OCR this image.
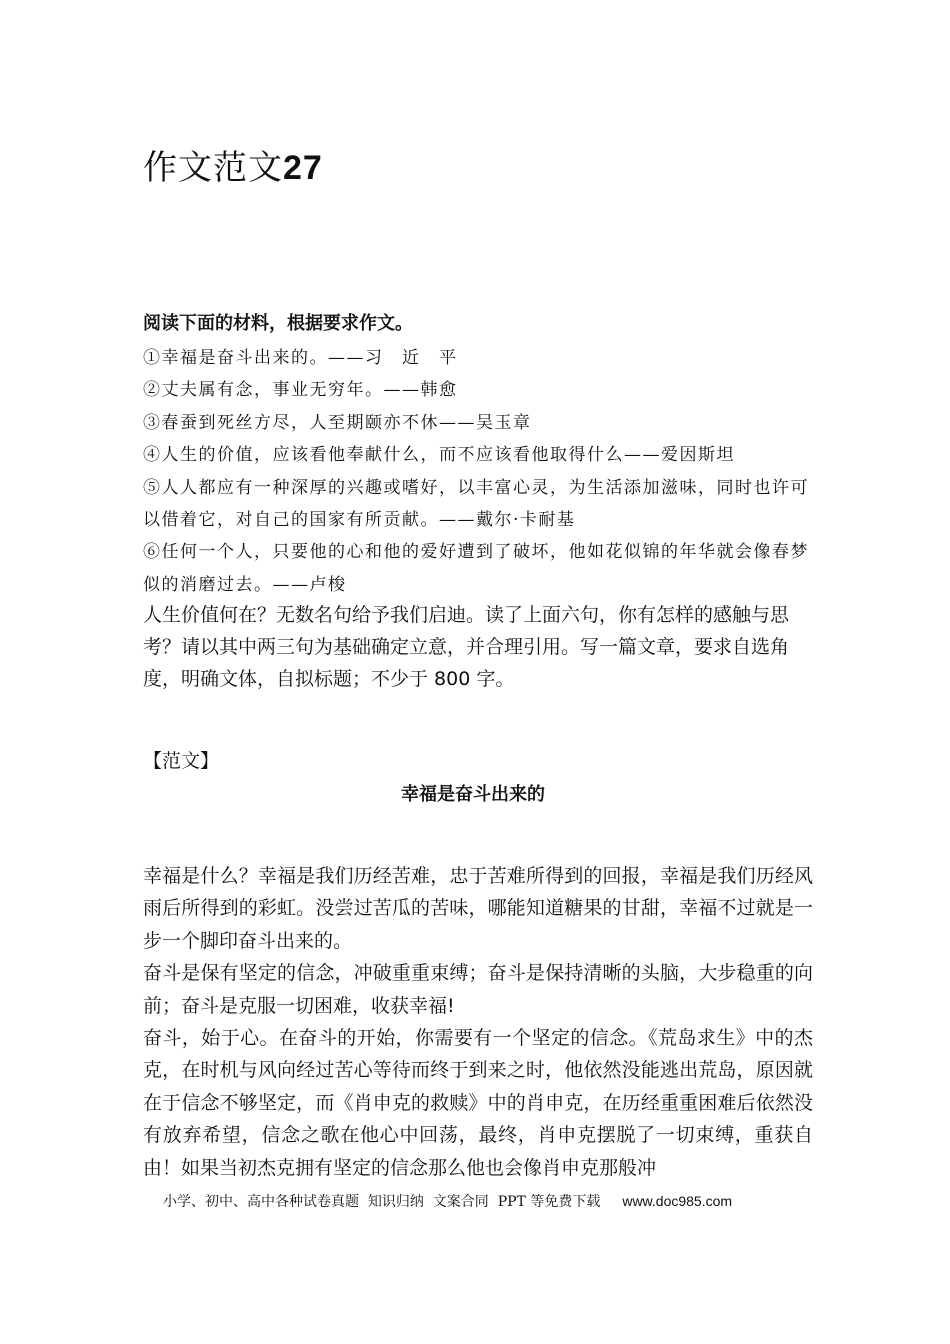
作文范文27
阅读下面的材料，根据要求作文。
①幸福是奋斗出来的。——习　近　平
②丈夫属有念，事业无穷年。——韩愈
③春蚕到死丝方尽，人至期颐亦不休——吴玉章
④人生的价值，应该看他奉献什么，而不应该看他取得什么——爱因斯坦
⑤人人都应有一种深厚的兴趣或嗜好，以丰富心灵，为生活添加滋味，同时也许可以借着它，对自己的国家有所贡献。——戴尔·卡耐基
⑥任何一个人，只要他的心和他的爱好遭到了破坏，他如花似锦的年华就会像春梦似的消磨过去。——卢梭

人生价值何在？无数名句给予我们启迪。读了上面六句，你有怎样的感触与思考？请以其中两三句为基础确定立意，并合理引用。写一篇文章，要求自选角度，明确文体，自拟标题；不少于 800 字。

【范文】
幸福是奋斗出来的

幸福是什么？幸福是我们历经苦难，忠于苦难所得到的回报，幸福是我们历经风雨后所得到的彩虹。没尝过苦瓜的苦味，哪能知道糖果的甘甜，幸福不过就是一步一个脚印奋斗出来的。

奋斗是保有坚定的信念，冲破重重束缚；奋斗是保持清晰的头脑，大步稳重的向前；奋斗是克服一切困难，收获幸福!

奋斗，始于心。在奋斗的开始，你需要有一个坚定的信念。《荒岛求生》中的杰克，在时机与风向经过苦心等待而终于到来之时，他依然没能逃出荒岛，原因就在于信念不够坚定，而《肖申克的救赎》中的肖申克，在历经重重困难后依然没有放弃希望，信念之歌在他心中回荡，最终，肖申克摆脱了一切束缚，重获自由！如果当初杰克拥有坚定的信念那么他也会像肖申克那般冲

小学、初中、高中各种试卷真题  知识归纳  文案合同  PPT 等免费下载 www.doc985.com
